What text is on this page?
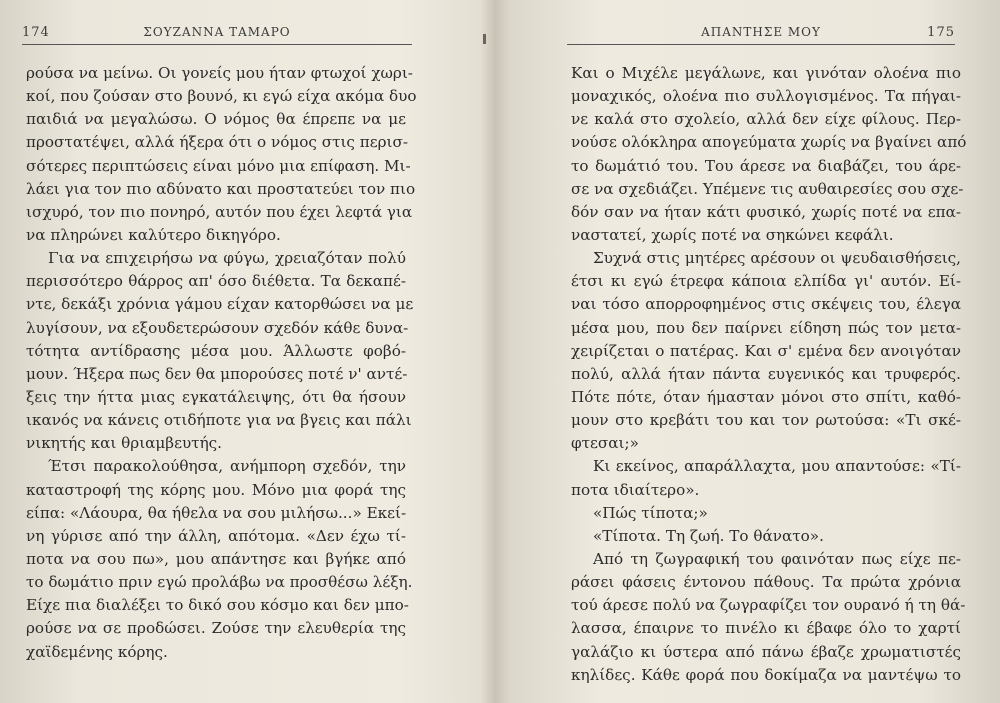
174	ΣΟΥΖΑΝΝΑ ΤΑΜΑΡΟ
ρούσα να μείνω. Οι γονείς μου ήταν φτωχοί χωρι-
κοί, που ζούσαν στο βουνό, κι εγώ είχα ακόμα δυο
παιδιά να μεγαλώσω. Ο νόμος θα έπρεπε να με
προστατέψει, αλλά ήξερα ότι ο νόμος στις περισ-
σότερες περιπτώσεις είναι μόνο μια επίφαση. Μι-
λάει για τον πιο αδύνατο και προστατεύει τον πιο
ισχυρό, τον πιο πονηρό, αυτόν που έχει λεφτά για
να πληρώνει καλύτερο δικηγόρο.
Για να επιχειρήσω να φύγω, χρειαζόταν πολύ
περισσότερο θάρρος απ' όσο διέθετα. Τα δεκαπέ-
ντε, δεκάξι χρόνια γάμου είχαν κατορθώσει να με
λυγίσουν, να εξουδετερώσουν σχεδόν κάθε δυνα-
τότητα αντίδρασης μέσα μου. Άλλωστε φοβό-
μουν. Ήξερα πως δεν θα μπορούσες ποτέ ν' αντέ-
ξεις την ήττα μιας εγκατάλειψης, ότι θα ήσουν
ικανός να κάνεις οτιδήποτε για να βγεις και πάλι
νικητής και θριαμβευτής.
Έτσι παρακολούθησα, ανήμπορη σχεδόν, την
καταστροφή της κόρης μου. Μόνο μια φορά της
είπα: «Λάουρα, θα ήθελα να σου μιλήσω...» Εκεί-
νη γύρισε από την άλλη, απότομα. «Δεν έχω τί-
ποτα να σου πω», μου απάντησε και βγήκε από
το δωμάτιο πριν εγώ προλάβω να προσθέσω λέξη.
Είχε πια διαλέξει το δικό σου κόσμο και δεν μπο-
ρούσε να σε προδώσει. Ζούσε την ελευθερία της
χαϊδεμένης κόρης.
ΑΠΑΝΤΗΣΕ ΜΟΥ	175
Και ο Μιχέλε μεγάλωνε, και γινόταν ολοένα πιο
μοναχικός, ολοένα πιο συλλογισμένος. Τα πήγαι-
νε καλά στο σχολείο, αλλά δεν είχε φίλους. Περ-
νούσε ολόκληρα απογεύματα χωρίς να βγαίνει από
το δωμάτιό του. Του άρεσε να διαβάζει, του άρε-
σε να σχεδιάζει. Υπέμενε τις αυθαιρεσίες σου σχε-
δόν σαν να ήταν κάτι φυσικό, χωρίς ποτέ να επα-
ναστατεί, χωρίς ποτέ να σηκώνει κεφάλι.
Συχνά στις μητέρες αρέσουν οι ψευδαισθήσεις,
έτσι κι εγώ έτρεφα κάποια ελπίδα γι' αυτόν. Εί-
ναι τόσο απορροφημένος στις σκέψεις του, έλεγα
μέσα μου, που δεν παίρνει είδηση πώς τον μετα-
χειρίζεται ο πατέρας. Και σ' εμένα δεν ανοιγόταν
πολύ, αλλά ήταν πάντα ευγενικός και τρυφερός.
Πότε πότε, όταν ήμασταν μόνοι στο σπίτι, καθό-
μουν στο κρεβάτι του και τον ρωτούσα: «Τι σκέ-
φτεσαι;»
Κι εκείνος, απαράλλαχτα, μου απαντούσε: «Τί-
ποτα ιδιαίτερο».
«Πώς τίποτα;»
«Τίποτα. Τη ζωή. Το θάνατο».
Από τη ζωγραφική του φαινόταν πως είχε πε-
ράσει φάσεις έντονου πάθους. Τα πρώτα χρόνια
τού άρεσε πολύ να ζωγραφίζει τον ουρανό ή τη θά-
λασσα, έπαιρνε το πινέλο κι έβαφε όλο το χαρτί
γαλάζιο κι ύστερα από πάνω έβαζε χρωματιστές
κηλίδες. Κάθε φορά που δοκίμαζα να μαντέψω το
